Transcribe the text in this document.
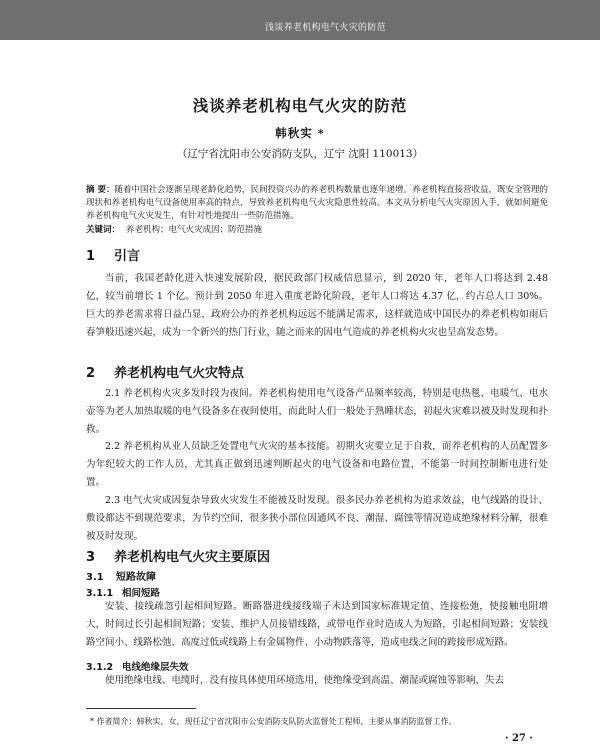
浅谈养老机构电气火灾的防范
浅谈养老机构电气火灾的防范
韩秋实 *
（辽宁省沈阳市公安消防支队，辽宁 沈阳 110013）

摘 要：随着中国社会逐渐呈现老龄化趋势，民间投资兴办的养老机构数量也逐年递增。养老机构直接营收益，既安全管理的现状和养老机构电气设备使用率高的特点，导致养老机构电气火灾隐患性较高。本文从分析电气火灾原因入手，就如何避免养老机构电气火灾发生，有针对性地提出一些防范措施。

关键词： 养老机构；电气火灾成因；防范措施

1 引言

当前，我国老龄化进入快速发展阶段，据民政部门权威信息显示，到 2020 年，老年人口将达到 2.48 亿，较当前增长 1 个亿。预计到 2050 年进入重度老龄化阶段，老年人口将达 4.37 亿，约占总人口 30%。巨大的养老需求将日益凸显，政府公办的养老机构远远不能满足需求，这样就造成中国民办的养老机构如雨后春笋般迅速兴起，成为一个新兴的热门行业，随之而来的因电气造成的养老机构火灾也呈高发态势。

2 养老机构电气火灾特点

2.1 养老机构火灾多发时段为夜间。养老机构使用电气设备产品频率较高，特别是电热毯、电暖气、电水壶等为老人加热取暖的电气设备多在夜间使用，而此时人们一般处于熟睡状态，初起火灾难以被及时发现和扑救。

2.2 养老机构从业人员缺乏处置电气火灾的基本技能。初期火灾要立足于自救，而养老机构的人员配置多为年纪较大的工作人员，尤其真正做到迅速判断起火的电气设备和电路位置，不能第一时间控制断电进行处置。

2.3 电气火灾成因复杂导致火灾发生不能被及时发现。很多民办养老机构为追求效益，电气线路的设计、敷设都达不到规范要求，为节约空间，很多狭小部位因通风不良、潮湿、腐蚀等情况造成绝缘材料分解，很难被及时发现。

3 养老机构电气火灾主要原因
3.1 短路故障
3.1.1 相间短路

安装、接线疏忽引起相间短路。断路器进线接线端子未达到国家标准规定值、连接松弛，使接触电阻增大，时间过长引起相间短路；安装、维护人员接错线路，或带电作业时造成人为短路，引起相间短路；安装线路空间小、线路松弛、高度过低或线路上有金属物件、小动物跌落等，造成电线之间的跨接形成短路。

3.1.2 电线绝缘层失效

使用绝缘电线、电缆时，没有按具体使用环境选用，使绝缘受到高温、潮湿或腐蚀等影响，失去

* 作者简介：韩秋实，女，现任辽宁省沈阳市公安消防支队防火监督处工程师，主要从事消防监督工作。

· 27 ·
